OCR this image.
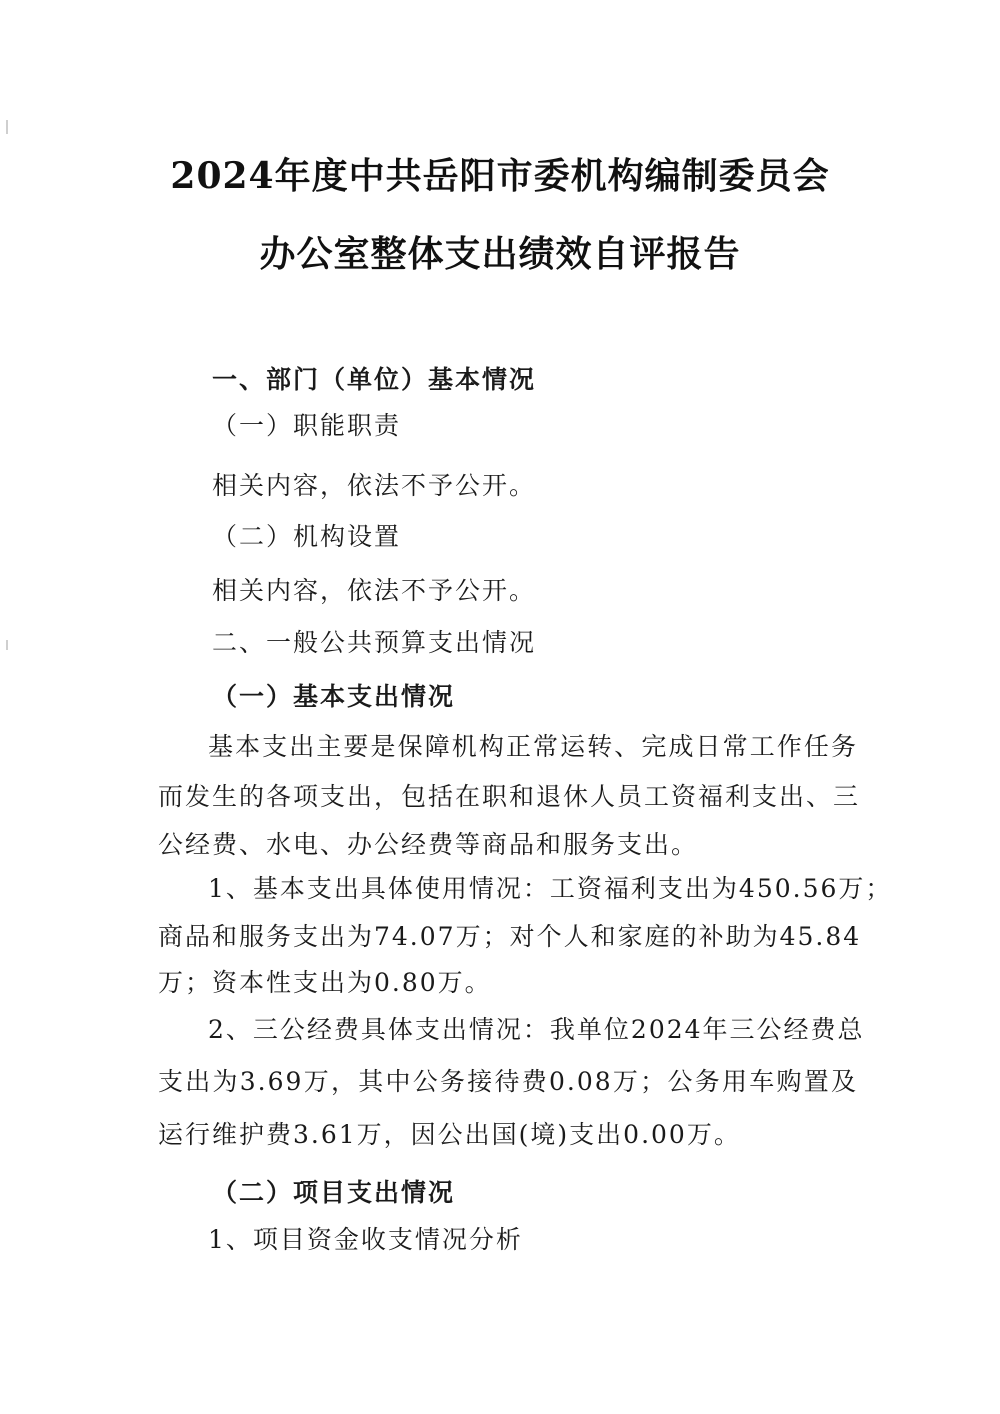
2024年度中共岳阳市委机构编制委员会
办公室整体支出绩效自评报告
一、部门（单位）基本情况
（一）职能职责
相关内容，依法不予公开。
（二）机构设置
相关内容，依法不予公开。
二、一般公共预算支出情况
（一）基本支出情况
基本支出主要是保障机构正常运转、完成日常工作任务
而发生的各项支出，包括在职和退休人员工资福利支出、三
公经费、水电、办公经费等商品和服务支出。
1、基本支出具体使用情况：工资福利支出为450.56万；
商品和服务支出为74.07万；对个人和家庭的补助为45.84
万；资本性支出为0.80万。
2、三公经费具体支出情况：我单位2024年三公经费总
支出为3.69万，其中公务接待费0.08万；公务用车购置及
运行维护费3.61万，因公出国(境)支出0.00万。
（二）项目支出情况
1、项目资金收支情况分析
